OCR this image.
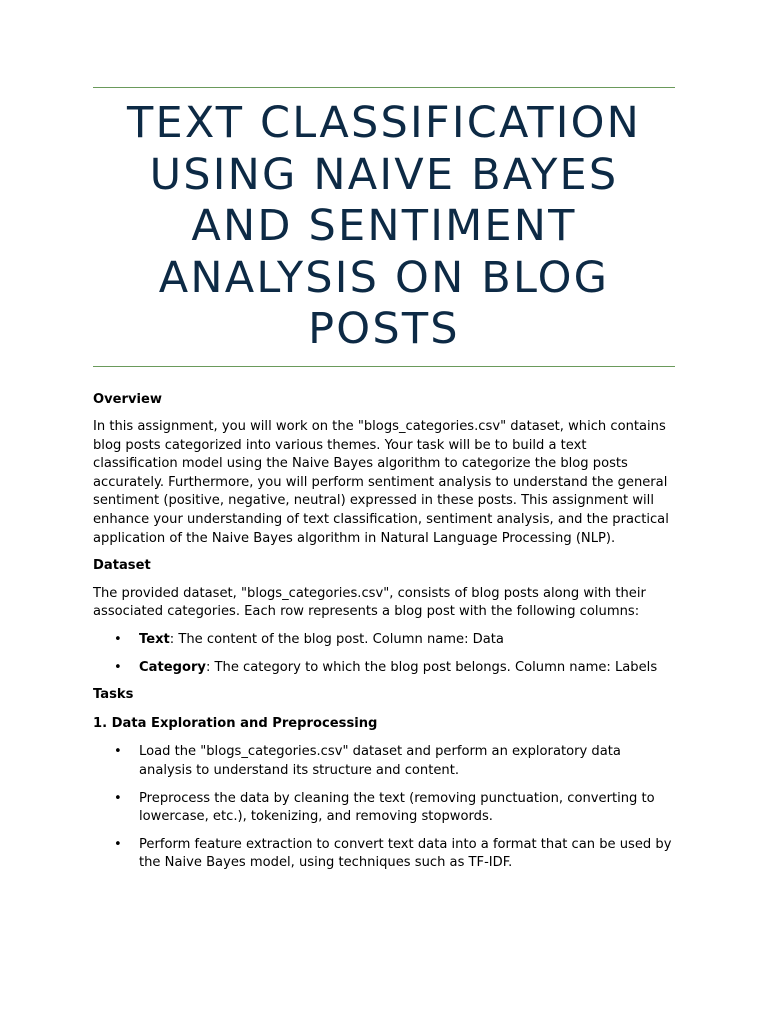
TEXT CLASSIFICATION USING NAIVE BAYES AND SENTIMENT ANALYSIS ON BLOG POSTS
Overview

In this assignment, you will work on the "blogs_categories.csv" dataset, which contains blog posts categorized into various themes. Your task will be to build a text classification model using the Naive Bayes algorithm to categorize the blog posts accurately. Furthermore, you will perform sentiment analysis to understand the general sentiment (positive, negative, neutral) expressed in these posts. This assignment will enhance your understanding of text classification, sentiment analysis, and the practical application of the Naive Bayes algorithm in Natural Language Processing (NLP).

Dataset

The provided dataset, "blogs_categories.csv", consists of blog posts along with their associated categories. Each row represents a blog post with the following columns:

• Text: The content of the blog post. Column name: Data
• Category: The category to which the blog post belongs. Column name: Labels
Tasks
1. Data Exploration and Preprocessing
• Load the "blogs_categories.csv" dataset and perform an exploratory data analysis to understand its structure and content.
• Preprocess the data by cleaning the text (removing punctuation, converting to lowercase, etc.), tokenizing, and removing stopwords.
• Perform feature extraction to convert text data into a format that can be used by the Naive Bayes model, using techniques such as TF-IDF.
